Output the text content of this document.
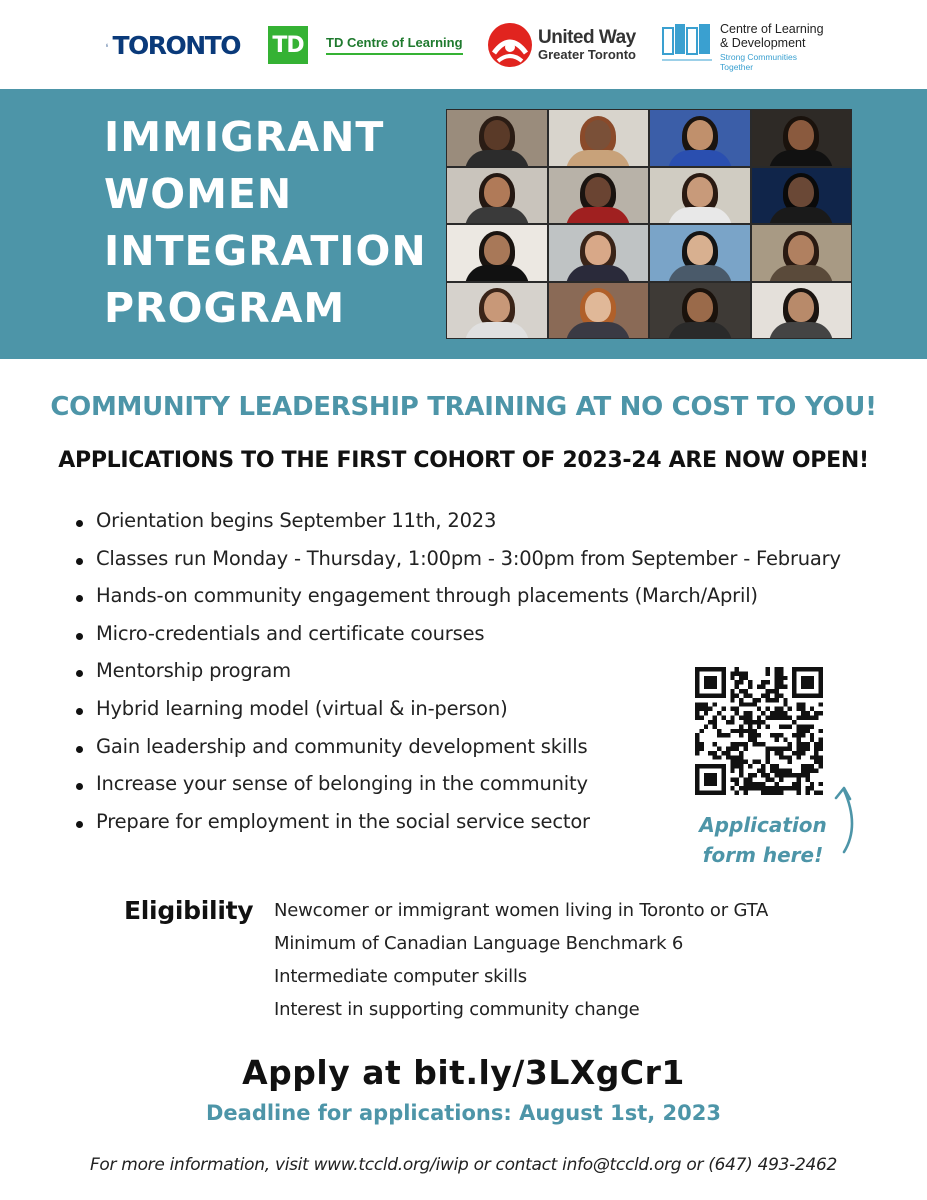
TORONTO TD	TD Centre of Learning	United Way
Greater Toronto
Centre of Learning
& Development
Strong Communities Together
IMMIGRANT
WOMEN
INTEGRATION
PROGRAM
COMMUNITY LEADERSHIP TRAINING AT NO COST TO YOU!
APPLICATIONS TO THE FIRST COHORT OF 2023-24 ARE NOW OPEN!
Orientation begins September 11th, 2023
Classes run Monday - Thursday, 1:00pm - 3:00pm from September - February
Hands-on community engagement through placements (March/April)
Micro-credentials and certificate courses
Mentorship program
Hybrid learning model (virtual & in-person)
Gain leadership and community development skills
Increase your sense of belonging in the community
Prepare for employment in the social service sector	Application
form here!
Eligibility Newcomer or immigrant women living in Toronto or GTA
Minimum of Canadian Language Benchmark 6
Intermediate computer skills
Interest in supporting community change
Apply at bit.ly/3LXgCr1
Deadline for applications: August 1st, 2023
For more information, visit www.tccld.org/iwip or contact info@tccld.org or (647) 493-2462
